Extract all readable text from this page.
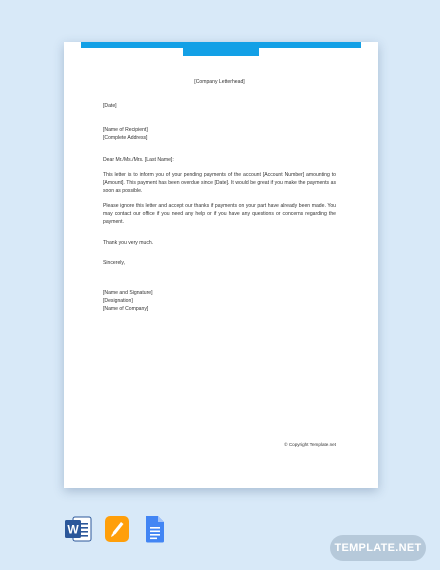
[Company Letterhead]

[Date]

[Name of Recipient]

[Complete Address]

Dear Mr./Ms./Mrs. [Last Name]:

This letter is to inform you of your pending payments of the account [Account Number] amounting to [Amount]. This payment has been overdue since [Date]. It would be great if you make the payments as soon as possible.

Please ignore this letter and accept our thanks if payments on your part have already been made. You may contact our office if you need any help or if you have any questions or concerns regarding the payment.

Thank you very much.

Sincerely,

[Name and Signature]

[Designation]

[Name of Company]

© Copyright Template.net
W
TEMPLATE.NET
